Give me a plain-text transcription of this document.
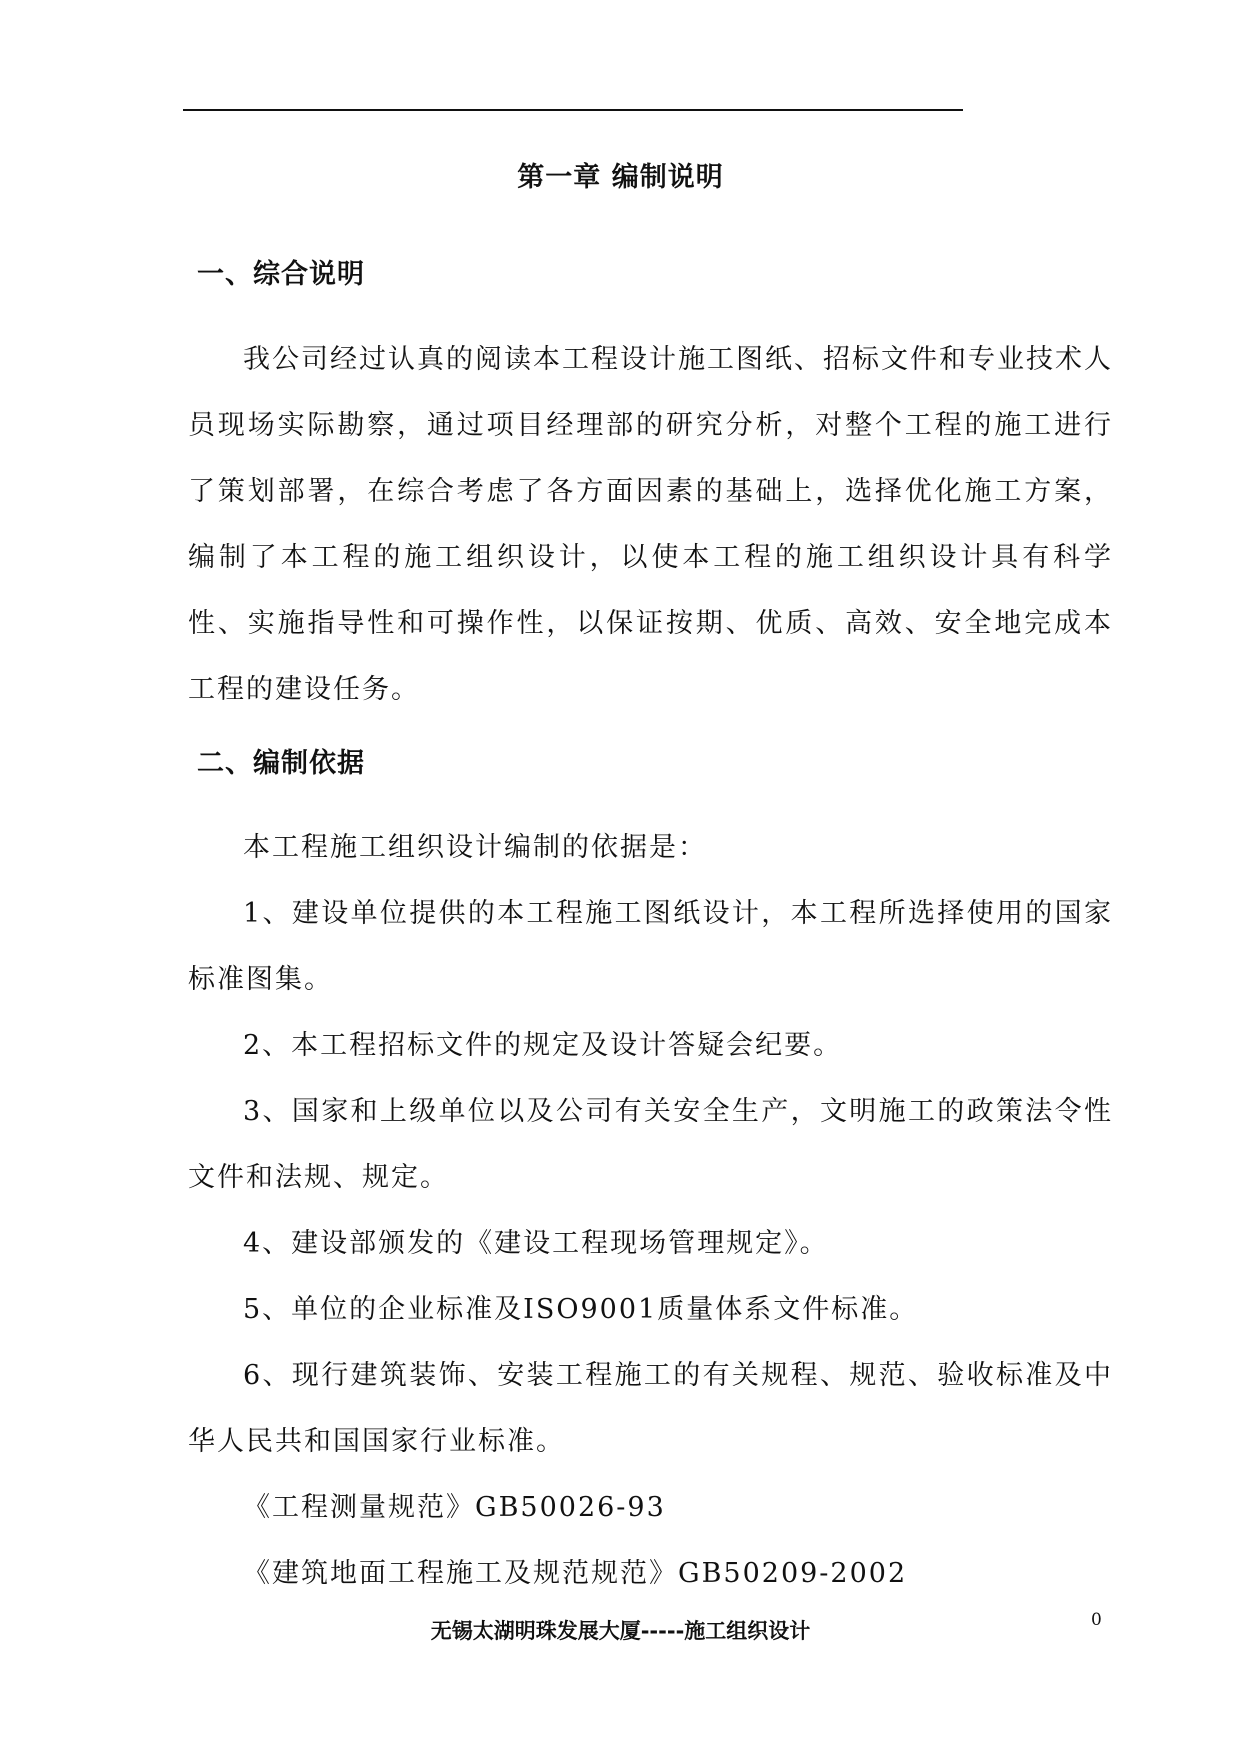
第一章 编制说明
一、综合说明

我公司经过认真的阅读本工程设计施工图纸、招标文件和专业技术人员现场实际勘察，通过项目经理部的研究分析，对整个工程的施工进行了策划部署，在综合考虑了各方面因素的基础上，选择优化施工方案，编制了本工程的施工组织设计，以使本工程的施工组织设计具有科学性、实施指导性和可操作性，以保证按期、优质、高效、安全地完成本工程的建设任务。

二、编制依据

本工程施工组织设计编制的依据是：

1、建设单位提供的本工程施工图纸设计，本工程所选择使用的国家标准图集。

2、本工程招标文件的规定及设计答疑会纪要。

3、国家和上级单位以及公司有关安全生产，文明施工的政策法令性文件和法规、规定。

4、建设部颁发的《建设工程现场管理规定》。

5、单位的企业标准及ISO9001质量体系文件标准。

6、现行建筑装饰、安装工程施工的有关规程、规范、验收标准及中华人民共和国国家行业标准。

《工程测量规范》GB50026-93

《建筑地面工程施工及规范规范》GB50209-2002

无锡太湖明珠发展大厦-----施工组织设计	0
